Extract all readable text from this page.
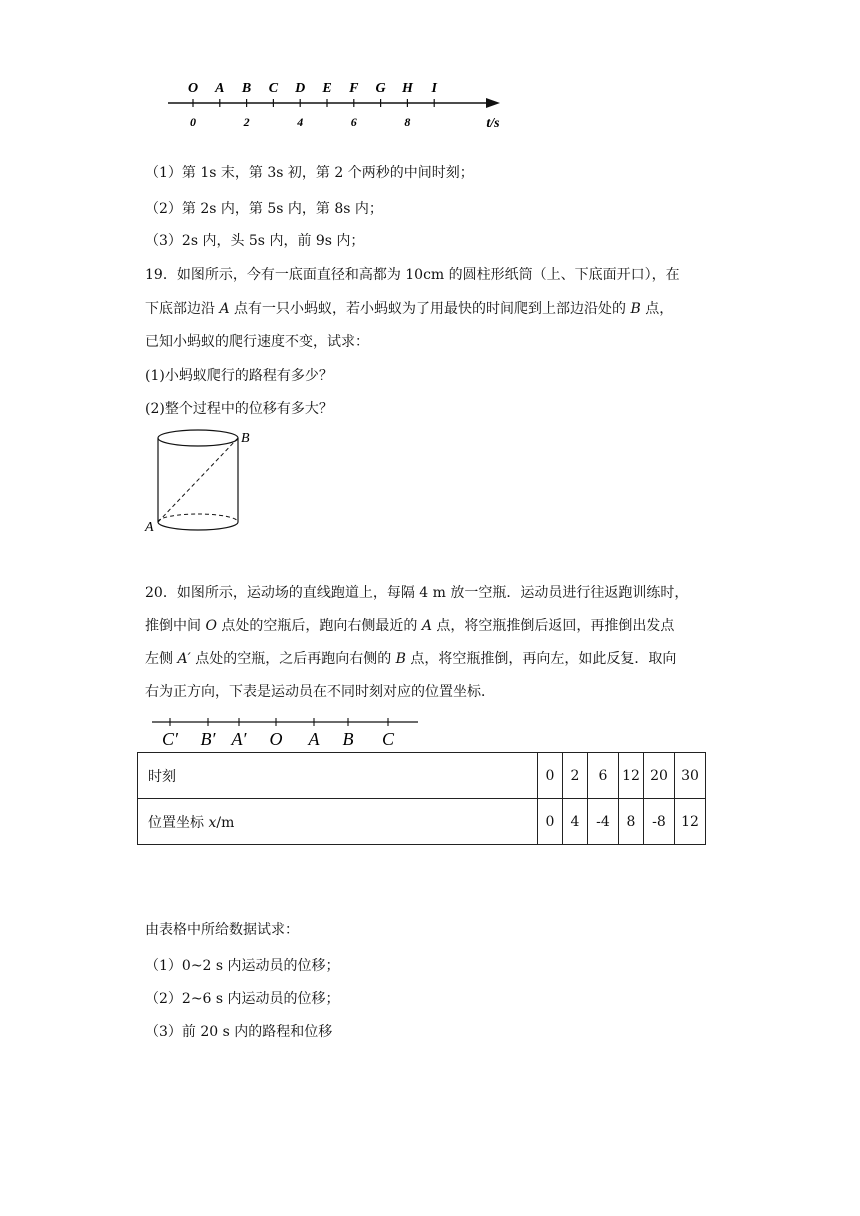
O A B C D E F G H I
0	2	4	6	8	t/s
（1）第 1s 末，第 3s 初，第 2 个两秒的中间时刻；
（2）第 2s 内，第 5s 内，第 8s 内；
（3）2s 内，头 5s 内，前 9s 内；
19．如图所示，今有一底面直径和高都为 10cm 的圆柱形纸筒（上、下底面开口），在
下底部边沿 A 点有一只小蚂蚁，若小蚂蚁为了用最快的时间爬到上部边沿处的 B 点，
已知小蚂蚁的爬行速度不变，试求：
(1)小蚂蚁爬行的路程有多少？
(2)整个过程中的位移有多大？
B
A
20．如图所示，运动场的直线跑道上，每隔 4 m 放一空瓶．运动员进行往返跑训练时，
推倒中间 O 点处的空瓶后，跑向右侧最近的 A 点，将空瓶推倒后返回，再推倒出发点
左侧 A′ 点处的空瓶，之后再跑向右侧的 B 点，将空瓶推倒，再向左，如此反复．取向
右为正方向，下表是运动员在不同时刻对应的位置坐标．
C′ B′ A′ O A B C
时刻	0	2	6	12	20	30
位置坐标 x/m	0	4	-4	8	-8	12
由表格中所给数据试求：
（1）0~2 s 内运动员的位移；
（2）2~6 s 内运动员的位移；
（3）前 20 s 内的路程和位移
